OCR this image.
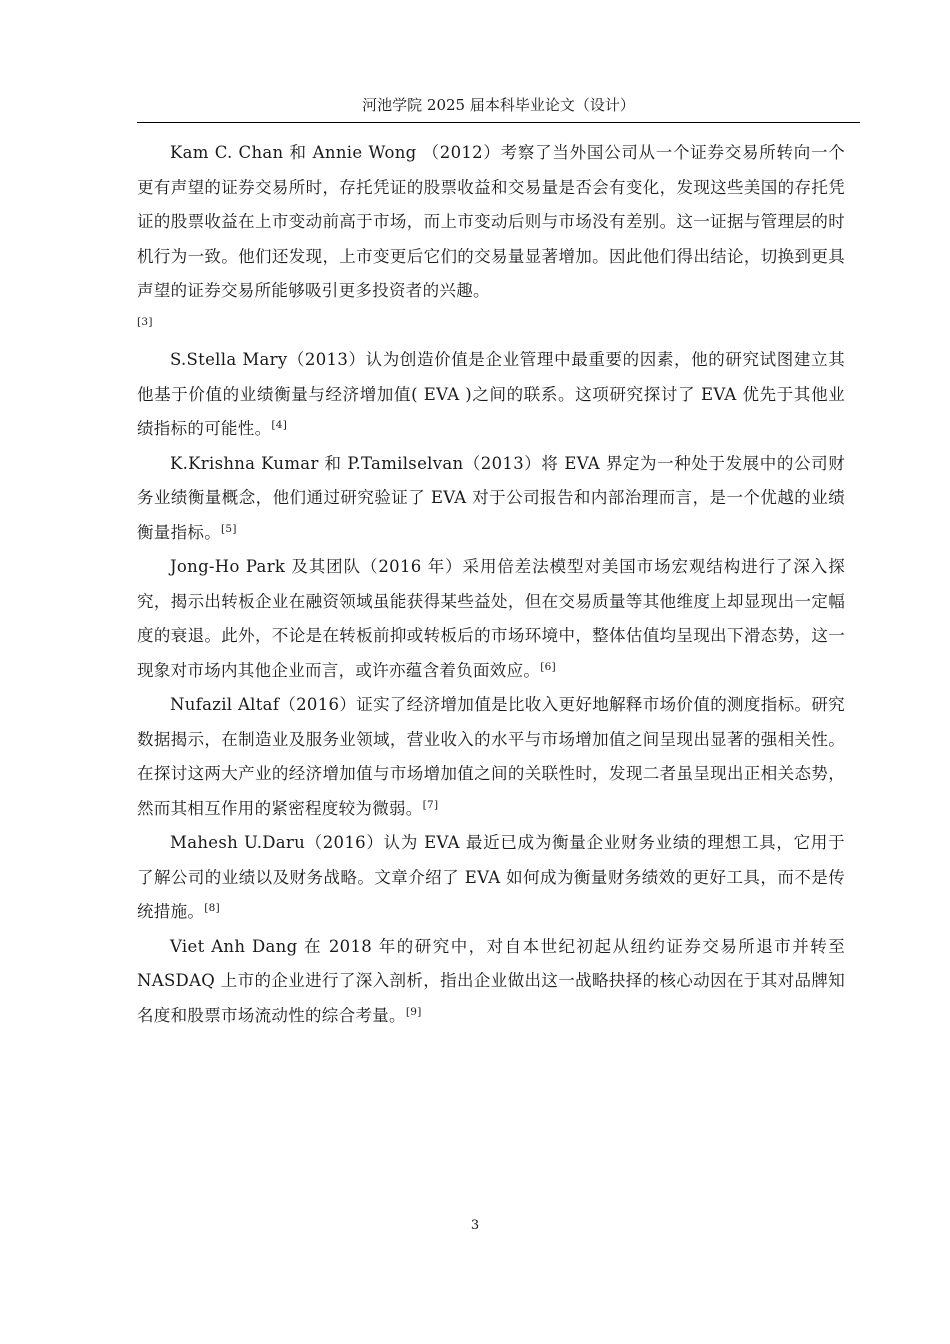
河池学院 2025 届本科毕业论文（设计）

Kam C. Chan 和 Annie Wong （2012）考察了当外国公司从一个证券交易所转向一个更有声望的证券交易所时，存托凭证的股票收益和交易量是否会有变化，发现这些美国的存托凭证的股票收益在上市变动前高于市场，而上市变动后则与市场没有差别。这一证据与管理层的时机行为一致。他们还发现，上市变更后它们的交易量显著增加。因此他们得出结论，切换到更具声望的证券交易所能够吸引更多投资者的兴趣。
[3]

S.Stella Mary（2013）认为创造价值是企业管理中最重要的因素，他的研究试图建立其他基于价值的业绩衡量与经济增加值( EVA )之间的联系。这项研究探讨了 EVA 优先于其他业绩指标的可能性。[4]

K.Krishna Kumar 和 P.Tamilselvan（2013）将 EVA 界定为一种处于发展中的公司财务业绩衡量概念，他们通过研究验证了 EVA 对于公司报告和内部治理而言，是一个优越的业绩衡量指标。[5]

Jong-Ho Park 及其团队（2016 年）采用倍差法模型对美国市场宏观结构进行了深入探究，揭示出转板企业在融资领域虽能获得某些益处，但在交易质量等其他维度上却显现出一定幅度的衰退。此外，不论是在转板前抑或转板后的市场环境中，整体估值均呈现出下滑态势，这一现象对市场内其他企业而言，或许亦蕴含着负面效应。[6]

Nufazil Altaf（2016）证实了经济增加值是比收入更好地解释市场价值的测度指标。研究数据揭示，在制造业及服务业领域，营业收入的水平与市场增加值之间呈现出显著的强相关性。在探讨这两大产业的经济增加值与市场增加值之间的关联性时，发现二者虽呈现出正相关态势，然而其相互作用的紧密程度较为微弱。[7]

Mahesh U.Daru（2016）认为 EVA 最近已成为衡量企业财务业绩的理想工具，它用于了解公司的业绩以及财务战略。文章介绍了 EVA 如何成为衡量财务绩效的更好工具，而不是传统措施。[8]

Viet Anh Dang 在 2018 年的研究中，对自本世纪初起从纽约证券交易所退市并转至 NASDAQ 上市的企业进行了深入剖析，指出企业做出这一战略抉择的核心动因在于其对品牌知名度和股票市场流动性的综合考量。[9]

3
